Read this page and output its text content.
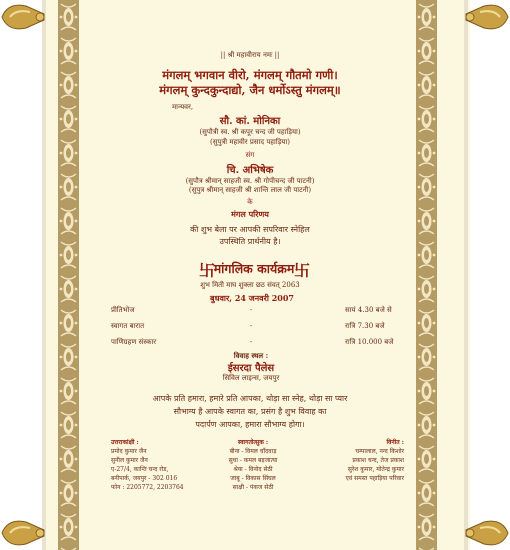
|| श्री महावीराय नमः ||
मंगलम् भगवान वीरो, मंगलम् गौतमो गणी।
मंगलम् कुन्दकुन्दाद्यो, जैन धर्मोऽस्तु मंगलम्॥
मान्यवर,
सौ. कां. मोनिका
(सुपौत्री स्व. श्री कपूर चन्द जी पहाड़िया)
(सुपुत्री महावीर प्रसाद पहाड़िया)
संग
चि. अभिषेक
(सुपौत्र श्रीमान् साहजी स्व. श्री गोपीचन्द जी पाटनी)
(सुपुत्र श्रीमान् साहजी श्री शान्ति लाल जी पाटनी)
के
मंगल परिणय
की शुभ बेला पर आपकी सपरिवार स्नेहिल
उपस्थिति प्रार्थनीय है।
卐
मांगलिक कार्यक्रम 卐
शुभ मिती माघ शुक्ला छठ संवत् 2063
बुधवार, 24 जनवरी 2007
प्रीतिभोज	-	सायं 4.30 बजे से
स्वागत बारात	-	रात्रि 7.30 बजे
पाणिग्रहण संस्कार	-	रात्रि 10.000 बजे
विवाह स्थल :
ईसरदा पैलेस
सिविल लाइन्स, जयपुर
आपके प्रति हमारा, हमारे प्रति आपका, थोड़ा सा स्नेह, थोड़ा सा प्यार
सौभाग्य है आपके स्वागत का, प्रसंग है शुभ विवाह का
पदार्पण आपका, हमारा सौभाग्य होगा।
उत्तराकांक्षी :
प्रमोद कुमार जैन
सुनील कुमार जैन
ए-27/4, कान्ति चन्द रोड,
बनीपार्क, जयपुर - 302 016
फोन : 2205772, 2203764
स्वागतोत्सुक :
बीना - विमल चाँदवाड़
सुधा - कमल बड़जात्या
श्रेया - विनोद सेठी
जाबू - विकास सिंघल
साक्षी - पंकज सेठी
विनीत :
चम्पालाल, नन्द किशोर
प्रकाश चन्द, तेज प्रकाश
सुरेश कुमार, मोतेन्द्र कुमार
एवं समस्त पहाड़िया परिवार
